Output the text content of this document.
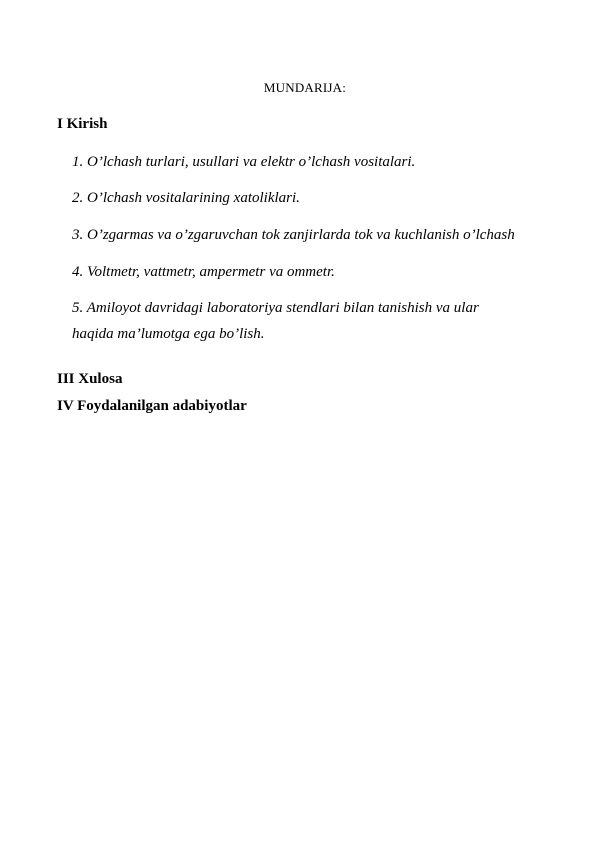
MUNDARIJA:
I Kirish
1. O’lchash turlari, usullari va elektr o’lchash vositalari.
2. O’lchash vositalarining xatoliklari.
3. O’zgarmas va o’zgaruvchan tok zanjirlarda tok va kuchlanish o’lchash
4. Voltmetr, vattmetr, ampermetr va ommetr.
5. Amiloyot davridagi laboratoriya stendlari bilan tanishish va ular haqida ma’lumotga ega bo’lish.
III Xulosa
IV Foydalanilgan adabiyotlar
